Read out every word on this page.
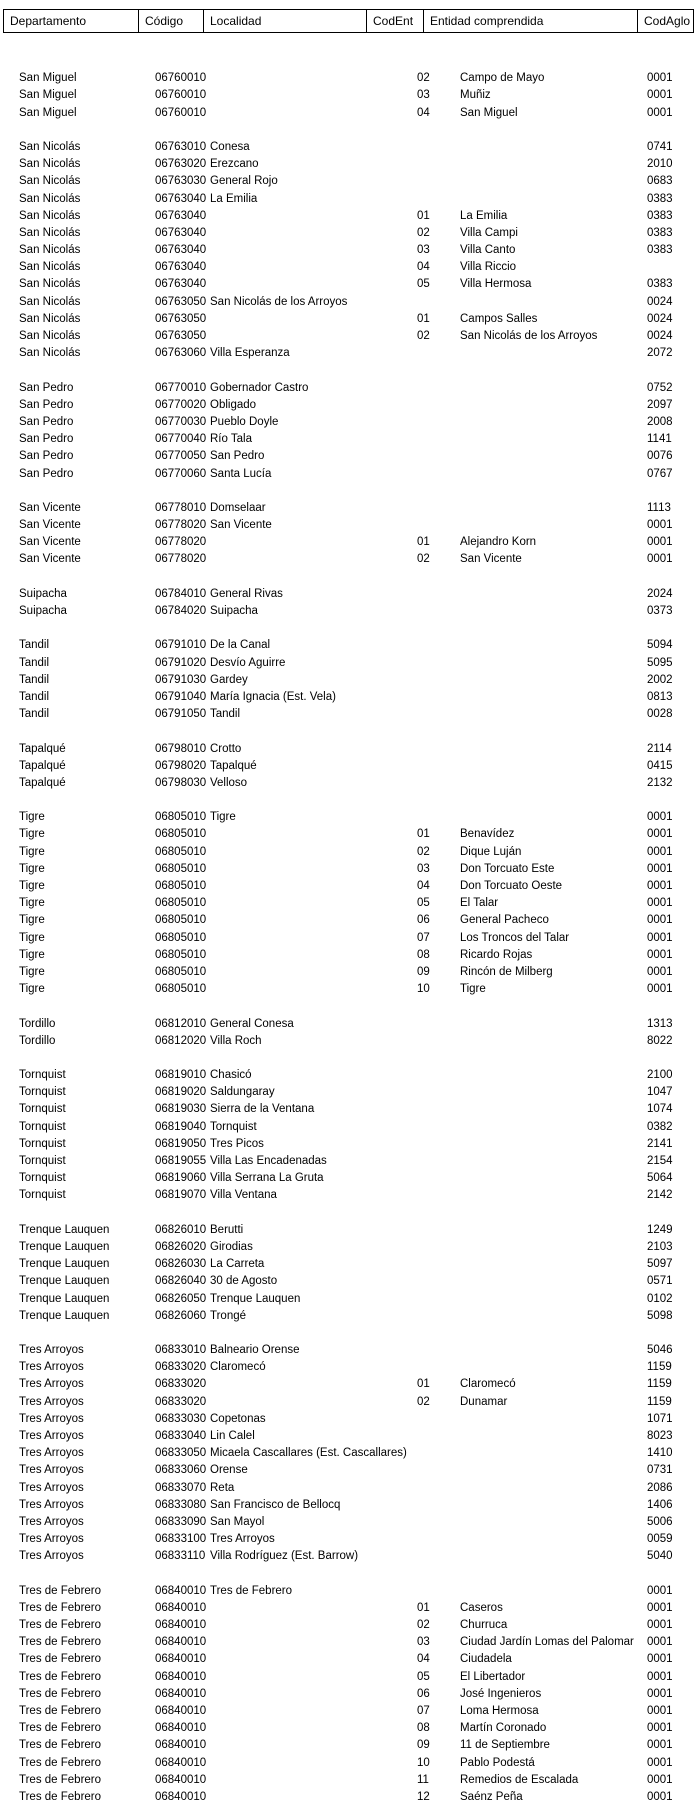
Departamento	Código	Localidad	CodEnt	Entidad comprendida	CodAglo
San Miguel	06760010	02	Campo de Mayo	0001
San Miguel	06760010	03	Muñiz	0001
San Miguel	06760010	04	San Miguel	0001
San Nicolás	06763010 Conesa	0741
San Nicolás	06763020 Erezcano	2010
San Nicolás	06763030 General Rojo	0683
San Nicolás	06763040 La Emilia	0383
San Nicolás	06763040	01	La Emilia	0383
San Nicolás	06763040	02	Villa Campi	0383
San Nicolás	06763040	03	Villa Canto	0383
San Nicolás	06763040	04	Villa Riccio
San Nicolás	06763040	05	Villa Hermosa	0383
San Nicolás	06763050 San Nicolás de los Arroyos	0024
San Nicolás	06763050	01	Campos Salles	0024
San Nicolás	06763050	02	San Nicolás de los Arroyos	0024
San Nicolás	06763060 Villa Esperanza	2072
San Pedro	06770010 Gobernador Castro	0752
San Pedro	06770020 Obligado	2097
San Pedro	06770030 Pueblo Doyle	2008
San Pedro	06770040 Río Tala	1141
San Pedro	06770050 San Pedro	0076
San Pedro	06770060 Santa Lucía	0767
San Vicente	06778010 Domselaar	1113
San Vicente	06778020 San Vicente	0001
San Vicente	06778020	01	Alejandro Korn	0001
San Vicente	06778020	02	San Vicente	0001
Suipacha	06784010 General Rivas	2024
Suipacha	06784020 Suipacha	0373
Tandil	06791010 De la Canal	5094
Tandil	06791020 Desvío Aguirre	5095
Tandil	06791030 Gardey	2002
Tandil	06791040 María Ignacia (Est. Vela)	0813
Tandil	06791050 Tandil	0028
Tapalqué	06798010 Crotto	2114
Tapalqué	06798020 Tapalqué	0415
Tapalqué	06798030 Velloso	2132
Tigre	06805010 Tigre	0001
Tigre	06805010	01	Benavídez	0001
Tigre	06805010	02	Dique Luján	0001
Tigre	06805010	03	Don Torcuato Este	0001
Tigre	06805010	04	Don Torcuato Oeste	0001
Tigre	06805010	05	El Talar	0001
Tigre	06805010	06	General Pacheco	0001
Tigre	06805010	07	Los Troncos del Talar	0001
Tigre	06805010	08	Ricardo Rojas	0001
Tigre	06805010	09	Rincón de Milberg	0001
Tigre	06805010	10	Tigre	0001
Tordillo	06812010 General Conesa	1313
Tordillo	06812020 Villa Roch	8022
Tornquist	06819010 Chasicó	2100
Tornquist	06819020 Saldungaray	1047
Tornquist	06819030 Sierra de la Ventana	1074
Tornquist	06819040 Tornquist	0382
Tornquist	06819050 Tres Picos	2141
Tornquist	06819055 Villa Las Encadenadas	2154
Tornquist	06819060 Villa Serrana La Gruta	5064
Tornquist	06819070 Villa Ventana	2142
Trenque Lauquen	06826010 Berutti	1249
Trenque Lauquen	06826020 Girodias	2103
Trenque Lauquen	06826030 La Carreta	5097
Trenque Lauquen	06826040 30 de Agosto	0571
Trenque Lauquen	06826050 Trenque Lauquen	0102
Trenque Lauquen	06826060 Trongé	5098
Tres Arroyos	06833010 Balneario Orense	5046
Tres Arroyos	06833020 Claromecó	1159
Tres Arroyos	06833020	01	Claromecó	1159
Tres Arroyos	06833020	02	Dunamar	1159
Tres Arroyos	06833030 Copetonas	1071
Tres Arroyos	06833040 Lin Calel	8023
Tres Arroyos	06833050 Micaela Cascallares (Est. Cascallares)	1410
Tres Arroyos	06833060 Orense	0731
Tres Arroyos	06833070 Reta	2086
Tres Arroyos	06833080 San Francisco de Bellocq	1406
Tres Arroyos	06833090 San Mayol	5006
Tres Arroyos	06833100 Tres Arroyos	0059
Tres Arroyos	06833110 Villa Rodríguez (Est. Barrow)	5040
Tres de Febrero	06840010 Tres de Febrero	0001
Tres de Febrero	06840010	01	Caseros	0001
Tres de Febrero	06840010	02	Churruca	0001
Tres de Febrero	06840010	03	Ciudad Jardín Lomas del Palomar 0001
Tres de Febrero	06840010	04	Ciudadela	0001
Tres de Febrero	06840010	05	El Libertador	0001
Tres de Febrero	06840010	06	José Ingenieros	0001
Tres de Febrero	06840010	07	Loma Hermosa	0001
Tres de Febrero	06840010	08	Martín Coronado	0001
Tres de Febrero	06840010	09	11 de Septiembre	0001
Tres de Febrero	06840010	10	Pablo Podestá	0001
Tres de Febrero	06840010	11	Remedios de Escalada	0001
Tres de Febrero	06840010	12	Saénz Peña	0001
